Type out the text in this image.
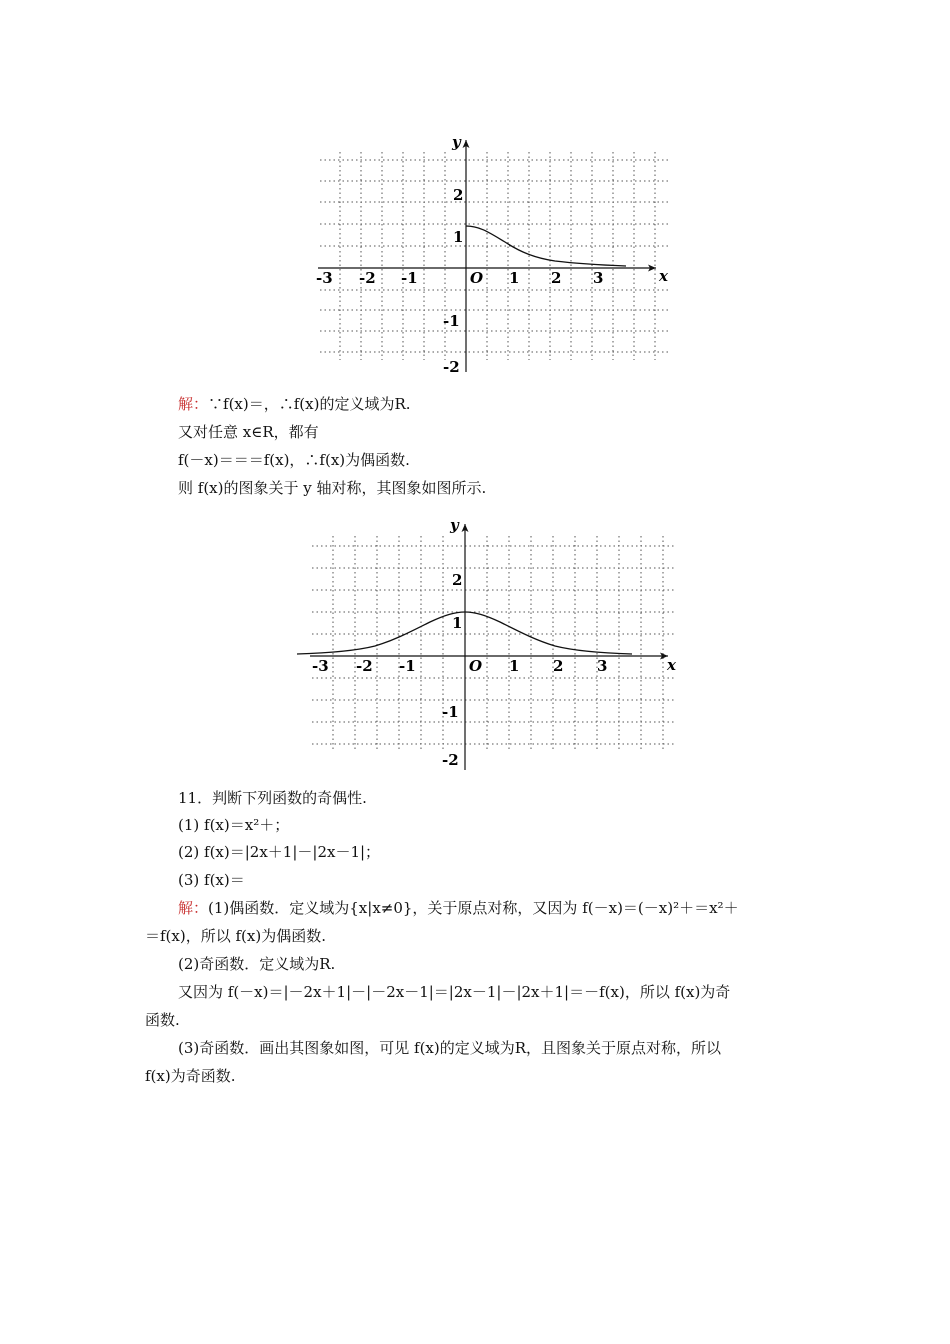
x
y
O
-3 -2 -1	1 2 3
2
1
-1
-2
解：∵f(x)＝，∴f(x)的定义域为R.
又对任意 x∈R，都有
f(－x)＝＝＝f(x)，∴f(x)为偶函数.
则 f(x)的图象关于 y 轴对称，其图象如图所示.
x
y
O
-3 -2 -1	1 2 3
2
1
-1
-2
11．判断下列函数的奇偶性.
(1) f(x)＝x²＋；
(2) f(x)＝|2x＋1|－|2x－1|；
(3) f(x)＝
解：(1)偶函数．定义域为{x|x≠0}，关于原点对称，又因为 f(－x)＝(－x)²＋＝x²＋
＝f(x)，所以 f(x)为偶函数.
(2)奇函数．定义域为R.
又因为 f(－x)＝|－2x＋1|－|－2x－1|＝|2x－1|－|2x＋1|＝－f(x)，所以 f(x)为奇
函数.
(3)奇函数．画出其图象如图，可见 f(x)的定义域为R，且图象关于原点对称，所以
f(x)为奇函数.
